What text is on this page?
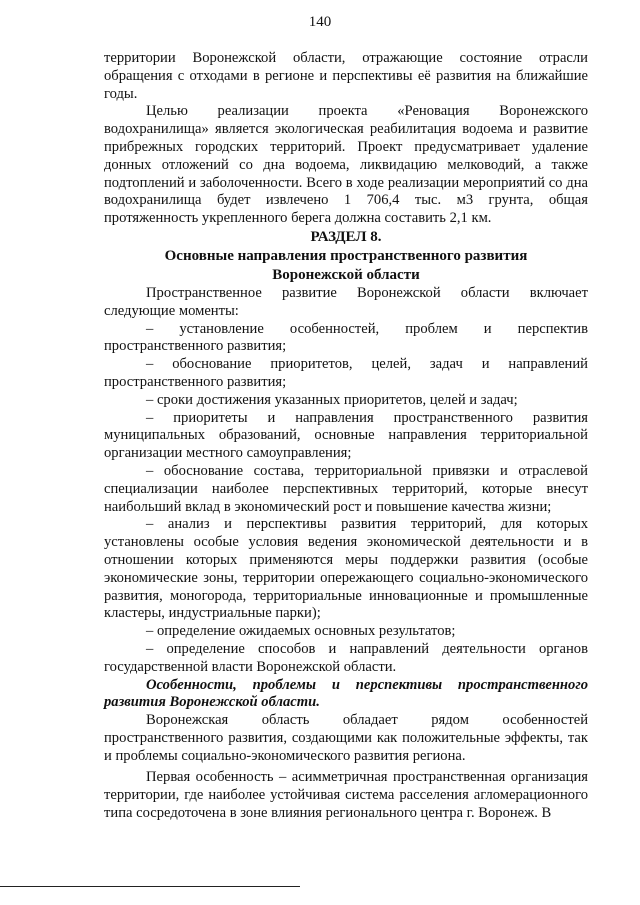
140

территории Воронежской области, отражающие состояние отрасли обращения с отходами в регионе и перспективы её развития на ближайшие годы.

Целью реализации проекта «Реновация Воронежского водохранилища» является экологическая реабилитация водоема и развитие прибрежных городских территорий. Проект предусматривает удаление донных отложений со дна водоема, ликвидацию мелководий, а также подтоплений и заболоченности. Всего в ходе реализации мероприятий со дна водохранилища будет извлечено 1 706,4 тыс. м3 грунта, общая протяженность укрепленного берега должна составить 2,1 км.

РАЗДЕЛ 8.

Основные направления пространственного развития

Воронежской области

Пространственное развитие Воронежской области включает следующие моменты:

– установление особенностей, проблем и перспектив пространственного развития;

– обоснование приоритетов, целей, задач и направлений пространственного развития;

– сроки достижения указанных приоритетов, целей и задач;

– приоритеты и направления пространственного развития муниципальных образований, основные направления территориальной организации местного самоуправления;

– обоснование состава, территориальной привязки и отраслевой специализации наиболее перспективных территорий, которые внесут наибольший вклад в экономический рост и повышение качества жизни;

– анализ и перспективы развития территорий, для которых установлены особые условия ведения экономической деятельности и в отношении которых применяются меры поддержки развития (особые экономические зоны, территории опережающего социально-экономического развития, моногорода, территориальные инновационные и промышленные кластеры, индустриальные парки);

– определение ожидаемых основных результатов;

– определение способов и направлений деятельности органов государственной власти Воронежской области.

Особенности, проблемы и перспективы пространственного развития Воронежской области.

Воронежская область обладает рядом особенностей пространственного развития, создающими как положительные эффекты, так и проблемы социально-экономического развития региона.

Первая особенность – асимметричная пространственная организация территории, где наиболее устойчивая система расселения агломерационного типа сосредоточена в зоне влияния регионального центра г. Воронеж. В
